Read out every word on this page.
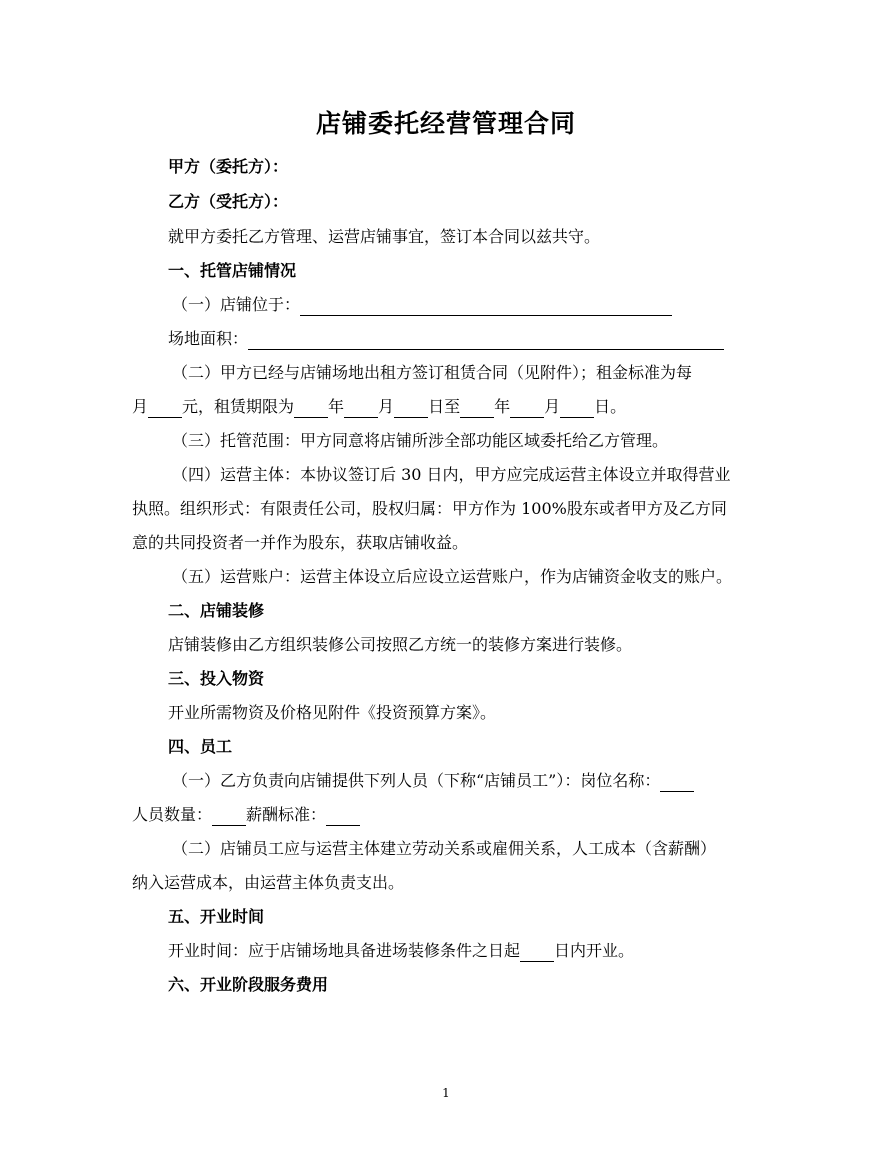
店铺委托经营管理合同
甲方（委托方）：
乙方（受托方）：
就甲方委托乙方管理、运营店铺事宜，签订本合同以兹共守。
一、托管店铺情况
（一）店铺位于：
场地面积：
（二）甲方已经与店铺场地出租方签订租赁合同（见附件）；租金标准为每
月 元，租赁期限为 年 月 日至 年 月 日。
（三）托管范围：甲方同意将店铺所涉全部功能区域委托给乙方管理。
（四）运营主体：本协议签订后 30 日内，甲方应完成运营主体设立并取得营业
执照。组织形式：有限责任公司，股权归属：甲方作为 100%股东或者甲方及乙方同
意的共同投资者一并作为股东，获取店铺收益。
（五）运营账户：运营主体设立后应设立运营账户，作为店铺资金收支的账户。
二、店铺装修
店铺装修由乙方组织装修公司按照乙方统一的装修方案进行装修。
三、投入物资
开业所需物资及价格见附件《投资预算方案》。
四、员工
（一）乙方负责向店铺提供下列人员（下称“店铺员工”）：岗位名称：
人员数量： 薪酬标准：
（二）店铺员工应与运营主体建立劳动关系或雇佣关系，人工成本（含薪酬）
纳入运营成本，由运营主体负责支出。
五、开业时间
开业时间：应于店铺场地具备进场装修条件之日起 日内开业。
六、开业阶段服务费用
1
